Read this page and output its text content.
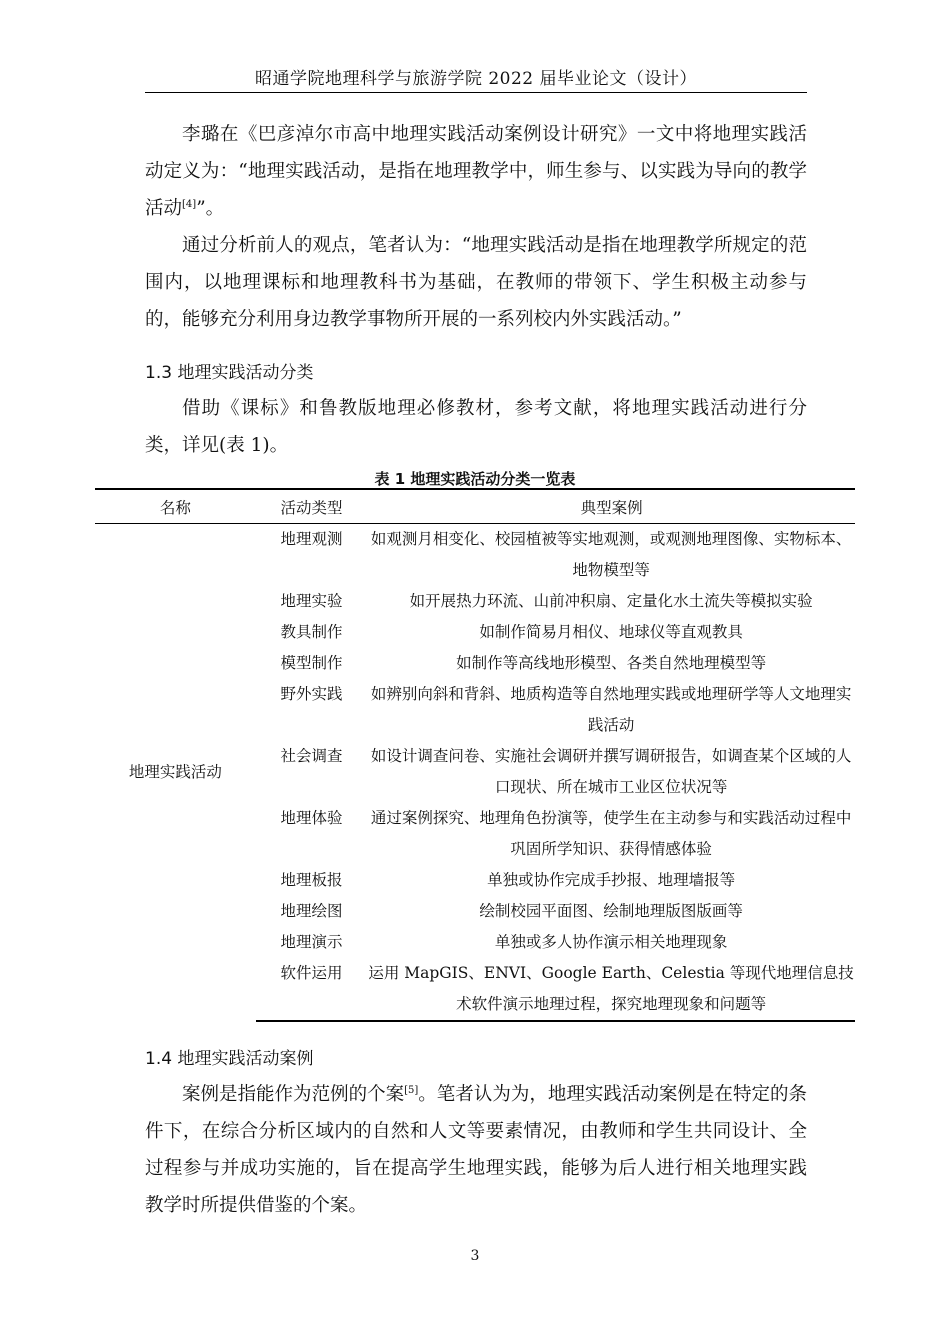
昭通学院地理科学与旅游学院 2022 届毕业论文（设计）

李璐在《巴彦淖尔市高中地理实践活动案例设计研究》一文中将地理实践活动定义为：“地理实践活动，是指在地理教学中，师生参与、以实践为导向的教学活动[4]”。

通过分析前人的观点，笔者认为：“地理实践活动是指在地理教学所规定的范围内，以地理课标和地理教科书为基础，在教师的带领下、学生积极主动参与的，能够充分利用身边教学事物所开展的一系列校内外实践活动。”

1.3 地理实践活动分类

借助《课标》和鲁教版地理必修教材，参考文献，将地理实践活动进行分类，详见(表 1)。

表 1 地理实践活动分类一览表
名称	活动类型	典型案例
地理实践活动	地理观测	如观测月相变化、校园植被等实地观测，或观测地理图像、实物标本、地物模型等
	地理实验	如开展热力环流、山前冲积扇、定量化水土流失等模拟实验
	教具制作	如制作简易月相仪、地球仪等直观教具
	模型制作	如制作等高线地形模型、各类自然地理模型等
	野外实践	如辨别向斜和背斜、地质构造等自然地理实践或地理研学等人文地理实践活动
	社会调查	如设计调查问卷、实施社会调研并撰写调研报告，如调查某个区域的人口现状、所在城市工业区位状况等
	地理体验	通过案例探究、地理角色扮演等，使学生在主动参与和实践活动过程中巩固所学知识、获得情感体验
	地理板报	单独或协作完成手抄报、地理墙报等
	地理绘图	绘制校园平面图、绘制地理版图版画等
	地理演示	单独或多人协作演示相关地理现象
	软件运用	运用 MapGIS、ENVI、Google Earth、Celestia 等现代地理信息技术软件演示地理过程，探究地理现象和问题等
1.4 地理实践活动案例

案例是指能作为范例的个案[5]。笔者认为为，地理实践活动案例是在特定的条件下，在综合分析区域内的自然和人文等要素情况，由教师和学生共同设计、全过程参与并成功实施的，旨在提高学生地理实践，能够为后人进行相关地理实践教学时所提供借鉴的个案。

3
